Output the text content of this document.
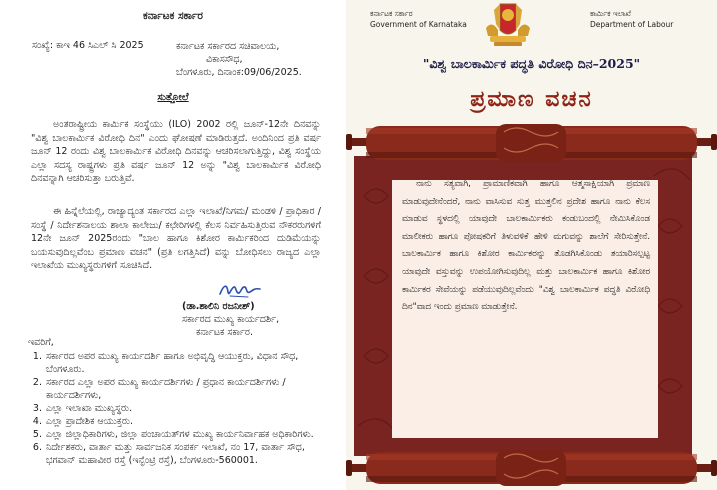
ಕರ್ನಾಟಕ ಸರ್ಕಾರ
ಸಂಖ್ಯೆ: ಕಾಇ 46 ಸಿಎಲ್ ಸಿ 2025	ಕರ್ನಾಟಕ ಸರ್ಕಾರದ ಸಚಿವಾಲಯ,
ವಿಕಾಸಸೌಧ,
ಬೆಂಗಳೂರು, ದಿನಾಂಕ:09/06/2025.
ಸುತ್ತೋಲೆ
ಅಂತರಾಷ್ಟ್ರೀಯ ಕಾರ್ಮಿಕ ಸಂಸ್ಥೆಯು (ILO) 2002 ರಲ್ಲಿ ಜೂನ್-12ನೇ ದಿನವನ್ನು "ವಿಶ್ವ ಬಾಲಕಾರ್ಮಿಕ ವಿರೋಧಿ ದಿನ" ಎಂದು ಘೋಷಣೆ ಮಾಡಿರುತ್ತದೆ. ಅಂದಿನಿಂದ ಪ್ರತಿ ವರ್ಷ ಜೂನ್ 12 ರಂದು ವಿಶ್ವ ಬಾಲಕಾರ್ಮಿಕ ವಿರೋಧಿ ದಿನವನ್ನು ಆಚರಿಸಲಾಗುತ್ತಿದ್ದು, ವಿಶ್ವ ಸಂಸ್ಥೆಯ ಎಲ್ಲಾ ಸದಸ್ಯ ರಾಷ್ಟ್ರಗಳು ಪ್ರತಿ ವರ್ಷ ಜೂನ್ 12 ಅನ್ನು "ವಿಶ್ವ ಬಾಲಕಾರ್ಮಿಕ ವಿರೋಧಿ ದಿನವನ್ನಾಗಿ ಆಚರಿಸುತ್ತಾ ಬರುತ್ತಿವೆ.
ಈ ಹಿನ್ನೆಲೆಯಲ್ಲಿ, ರಾಜ್ಯಾದ್ಯಂತ ಸರ್ಕಾರದ ಎಲ್ಲಾ ಇಲಾಖೆ/ನಿಗಮ/ ಮಂಡಳಿ / ಪ್ರಾಧಿಕಾರ / ಸಂಸ್ಥೆ / ನಿರ್ದೇಶನಾಲಯ ಶಾಲಾ ಕಾಲೇಜು/ ಕಛೇರಿಗಳಲ್ಲಿ ಕೆಲಸ ನಿರ್ವಹಿಸುತ್ತಿರುವ ನೌಕರರುಗಳಿಗೆ 12ನೇ ಜೂನ್ 2025ರಂದು "ಬಾಲ ಹಾಗೂ ಕಿಶೋರ ಕಾರ್ಮಿಕರಿಂದ ದುಡಿಮೆಯನ್ನು ಬಯಸುವುದಿಲ್ಲವೆಂಬ ಪ್ರಮಾಣ ವಚನ" (ಪ್ರತಿ ಲಗತ್ತಿಸಿದೆ) ವನ್ನು ಬೋಧಿಸಲು ರಾಜ್ಯದ ಎಲ್ಲಾ ಇಲಾಖೆಯ ಮುಖ್ಯಸ್ಥರುಗಳಿಗೆ ಸೂಚಿಸಿದೆ.
(ಡಾ.ಶಾಲಿನಿ ರಜನೀಶ್)
ಸರ್ಕಾರದ ಮುಖ್ಯ ಕಾರ್ಯದರ್ಶಿ,
ಕರ್ನಾಟಕ ಸರ್ಕಾರ.
ಇವರಿಗೆ,
1. ಸರ್ಕಾರದ ಅಪರ ಮುಖ್ಯ ಕಾರ್ಯದರ್ಶಿ ಹಾಗೂ ಅಭಿವೃದ್ಧಿ ಆಯುಕ್ತರು, ವಿಧಾನ ಸೌಧ, ಬೆಂಗಳೂರು.
2. ಸರ್ಕಾರದ ಎಲ್ಲಾ ಅಪರ ಮುಖ್ಯ ಕಾರ್ಯದರ್ಶಿಗಳು / ಪ್ರಧಾನ ಕಾರ್ಯದರ್ಶಿಗಳು /ಕಾರ್ಯದರ್ಶಿಗಳು,
3. ಎಲ್ಲಾ ಇಲಾಖಾ ಮುಖ್ಯಸ್ಥರು.
4. ಎಲ್ಲಾ ಪ್ರಾದೇಶಿಕ ಆಯುಕ್ತರು.
5. ಎಲ್ಲಾ ಜಿಲ್ಲಾಧಿಕಾರಿಗಳು, ಜಿಲ್ಲಾ ಪಂಚಾಯತ್‌ಗಳ ಮುಖ್ಯ ಕಾರ್ಯನಿರ್ವಾಹಕ ಅಧಿಕಾರಿಗಳು.
6. ನಿರ್ದೇಶಕರು, ವಾರ್ತಾ ಮತ್ತು ಸಾರ್ವಜನಿಕ ಸಂಪರ್ಕ ಇಲಾಖೆ, ನಂ 17, ವಾರ್ತಾ ಸೌಧ, ಭಗವಾನ್ ಮಹಾವೀರ ರಸ್ತೆ (ಇನ್ಫೆಂಟ್ರಿ ರಸ್ತೆ), ಬೆಂಗಳೂರು-560001.
ಕರ್ನಾಟಕ ಸರ್ಕಾರ
Government of Karnataka
ಕಾರ್ಮಿಕ ಇಲಾಖೆ
Department of Labour
"ವಿಶ್ವ ಬಾಲಕಾರ್ಮಿಕ ಪದ್ಧತಿ ವಿರೋಧಿ ದಿನ–2025"
ಪ್ರಮಾಣ ವಚನ
ನಾನು ಸತ್ಯವಾಗಿ, ಪ್ರಾಮಾಣಿಕವಾಗಿ ಹಾಗೂ ಆತ್ಮಸಾಕ್ಷಿಯಾಗಿ ಪ್ರಮಾಣ ಮಾಡುವುದೇನೆಂದರೆ, ನಾನು ವಾಸಿಸುವ ಸುತ್ತ ಮುತ್ತಲಿನ ಪ್ರದೇಶ ಹಾಗೂ ನಾನು ಕೆಲಸ ಮಾಡುವ ಸ್ಥಳದಲ್ಲಿ ಯಾವುದೇ ಬಾಲಕಾರ್ಮಿಕರು ಕಂಡುಬಂದಲ್ಲಿ ನೇಮಿಸಿಕೊಂಡ ಮಾಲೀಕರು ಹಾಗೂ ಪೋಷಕರಿಗೆ ತಿಳುವಳಿಕೆ ಹೇಳಿ ಮಗುವನ್ನು ಶಾಲೆಗೆ ಸೇರಿಸುತ್ತೇನೆ. ಬಾಲಕಾರ್ಮಿಕ ಹಾಗೂ ಕಿಶೋರ ಕಾರ್ಮಿಕರನ್ನು ತೊಡಗಿಸಿಕೊಂಡು ತಯಾರಿಸಲ್ಪಟ್ಟ ಯಾವುದೇ ವಸ್ತುವನ್ನು ಉಪಯೋಗಿಸುವುದಿಲ್ಲ ಮತ್ತು ಬಾಲಕಾರ್ಮಿಕ ಹಾಗೂ ಕಿಶೋರ ಕಾರ್ಮಿಕರ ಸೇವೆಯನ್ನು ಪಡೆಯುವುದಿಲ್ಲವೆಂದು "ವಿಶ್ವ ಬಾಲಕಾರ್ಮಿಕ ಪದ್ಧತಿ ವಿರೋಧಿ ದಿನ"ವಾದ ಇಂದು ಪ್ರಮಾಣ ಮಾಡುತ್ತೇನೆ.
